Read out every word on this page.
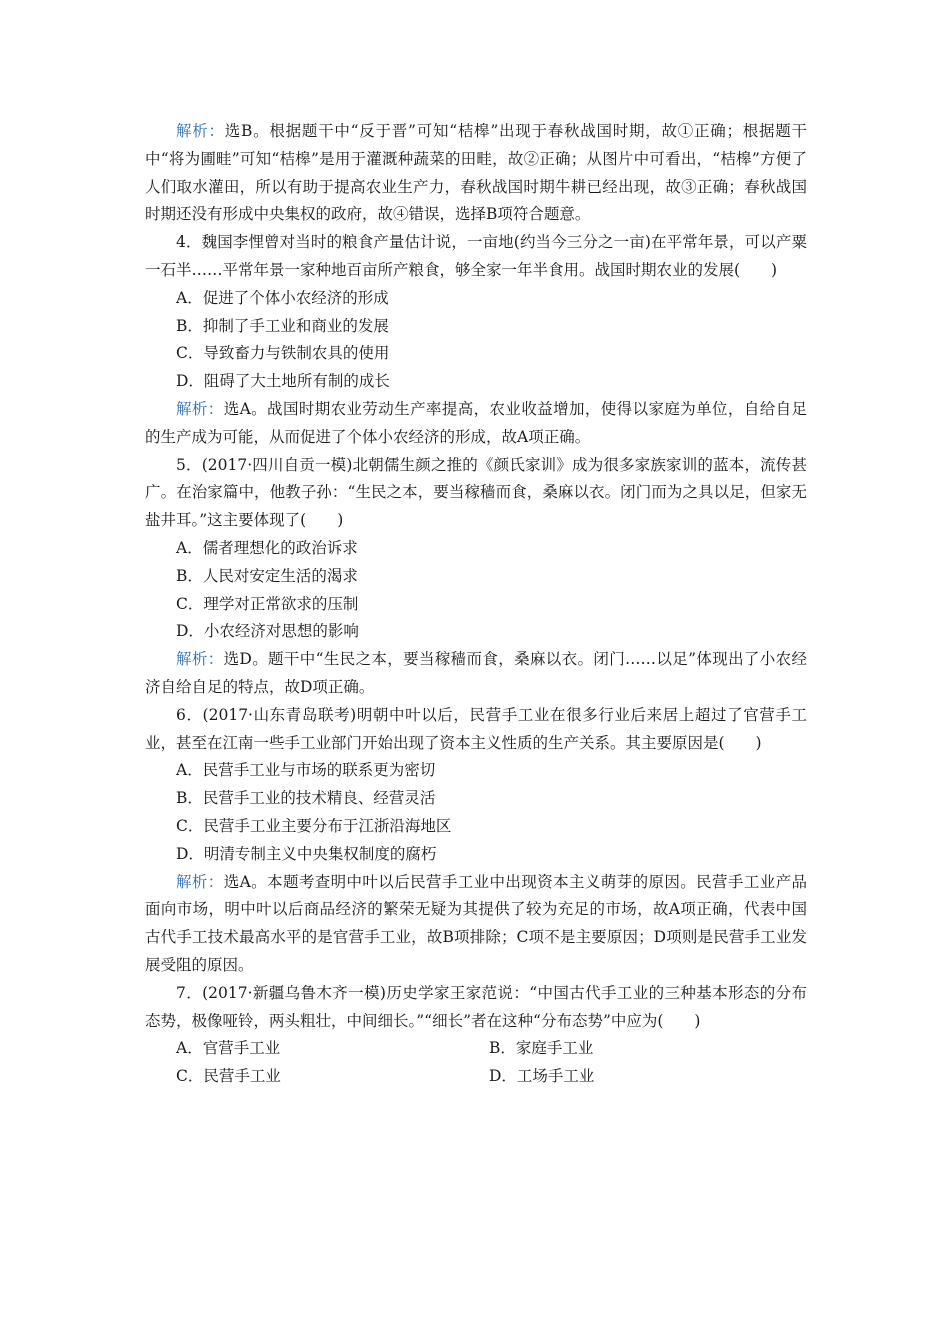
解析：选B。根据题干中“反于晋”可知“桔槔”出现于春秋战国时期，故①正确；根据题干中“将为圃畦”可知“桔槔”是用于灌溉种蔬菜的田畦，故②正确；从图片中可看出，“桔槔”方便了人们取水灌田，所以有助于提高农业生产力，春秋战国时期牛耕已经出现，故③正确；春秋战国时期还没有形成中央集权的政府，故④错误，选择B项符合题意。

4．魏国李悝曾对当时的粮食产量估计说，一亩地(约当今三分之一亩)在平常年景，可以产粟一石半……平常年景一家种地百亩所产粮食，够全家一年半食用。战国时期农业的发展(　　)

A．促进了个体小农经济的形成

B．抑制了手工业和商业的发展

C．导致畜力与铁制农具的使用

D．阻碍了大土地所有制的成长

解析：选A。战国时期农业劳动生产率提高，农业收益增加，使得以家庭为单位，自给自足的生产成为可能，从而促进了个体小农经济的形成，故A项正确。

5．(2017·四川自贡一模)北朝儒生颜之推的《颜氏家训》成为很多家族家训的蓝本，流传甚广。在治家篇中，他教子孙：“生民之本，要当稼穑而食，桑麻以衣。闭门而为之具以足，但家无盐井耳。”这主要体现了(　　)

A．儒者理想化的政治诉求

B．人民对安定生活的渴求

C．理学对正常欲求的压制

D．小农经济对思想的影响

解析：选D。题干中“生民之本，要当稼穑而食，桑麻以衣。闭门……以足”体现出了小农经济自给自足的特点，故D项正确。

6．(2017·山东青岛联考)明朝中叶以后，民营手工业在很多行业后来居上超过了官营手工业，甚至在江南一些手工业部门开始出现了资本主义性质的生产关系。其主要原因是(　　)

A．民营手工业与市场的联系更为密切

B．民营手工业的技术精良、经营灵活

C．民营手工业主要分布于江浙沿海地区

D．明清专制主义中央集权制度的腐朽

解析：选A。本题考查明中叶以后民营手工业中出现资本主义萌芽的原因。民营手工业产品面向市场，明中叶以后商品经济的繁荣无疑为其提供了较为充足的市场，故A项正确，代表中国古代手工技术最高水平的是官营手工业，故B项排除；C项不是主要原因；D项则是民营手工业发展受阻的原因。

7．(2017·新疆乌鲁木齐一模)历史学家王家范说：“中国古代手工业的三种基本形态的分布态势，极像哑铃，两头粗壮，中间细长。”“细长”者在这种“分布态势”中应为(　　)

A．官营手工业	B．家庭手工业
C．民营手工业	D．工场手工业
